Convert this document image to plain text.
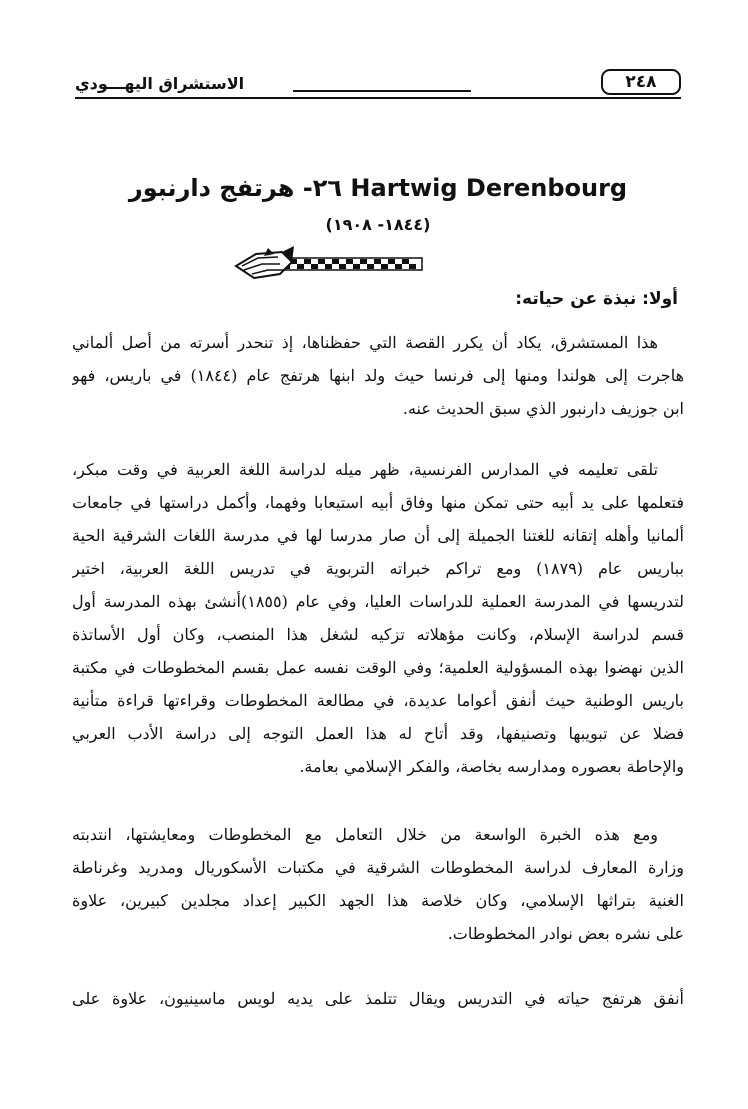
٢٤٨
الاستشراق اليهـــودي
Hartwig Derenbourg ٢٦- هرتفج دارنبور
(١٨٤٤- ١٩٠٨)
أولا: نبذة عن حياته:
هذا المستشرق، يكاد أن يكرر القصة التي حفظناها، إذ تنحدر أسرته من أصل ألماني
هاجرت إلى هولندا ومنها إلى فرنسا حيث ولد ابنها هرتفج عام (١٨٤٤) في باريس، فهو
ابن جوزيف دارنبور الذي سبق الحديث عنه.
تلقى تعليمه في المدارس الفرنسية، ظهر ميله لدراسة اللغة العربية في وقت مبكر،
فتعلمها على يد أبيه حتى تمكن منها وفاق أبيه استيعابا وفهما، وأكمل دراستها في جامعات
ألمانيا وأهله إتقانه للغتنا الجميلة إلى أن صار مدرسا لها في مدرسة اللغات الشرقية الحية
بباريس عام (١٨٧٩) ومع تراكم خبراته التربوية في تدريس اللغة العربية، اختير
لتدريسها في المدرسة العملية للدراسات العليا، وفي عام (١٨٥٥)أنشئ بهذه المدرسة أول
قسم لدراسة الإسلام، وكانت مؤهلاته تزكيه لشغل هذا المنصب، وكان أول الأساتذة
الذين نهضوا بهذه المسؤولية العلمية؛ وفي الوقت نفسه عمل بقسم المخطوطات في مكتبة
باريس الوطنية حيث أنفق أعواما عديدة، في مطالعة المخطوطات وقراءتها قراءة متأنية
فضلا عن تبويبها وتصنيفها، وقد أتاح له هذا العمل التوجه إلى دراسة الأدب العربي
والإحاطة بعصوره ومدارسه بخاصة، والفكر الإسلامي بعامة.
ومع هذه الخبرة الواسعة من خلال التعامل مع المخطوطات ومعايشتها، انتدبته
وزارة المعارف لدراسة المخطوطات الشرقية في مكتبات الأسكوريال ومدريد وغرناطة
الغنية بتراثها الإسلامي، وكان خلاصة هذا الجهد الكبير إعداد مجلدين كبيرين، علاوة
على نشره بعض نوادر المخطوطات.
أنفق هرتفج حياته في التدريس ويقال تتلمذ على يديه لويس ماسينيون، علاوة على
